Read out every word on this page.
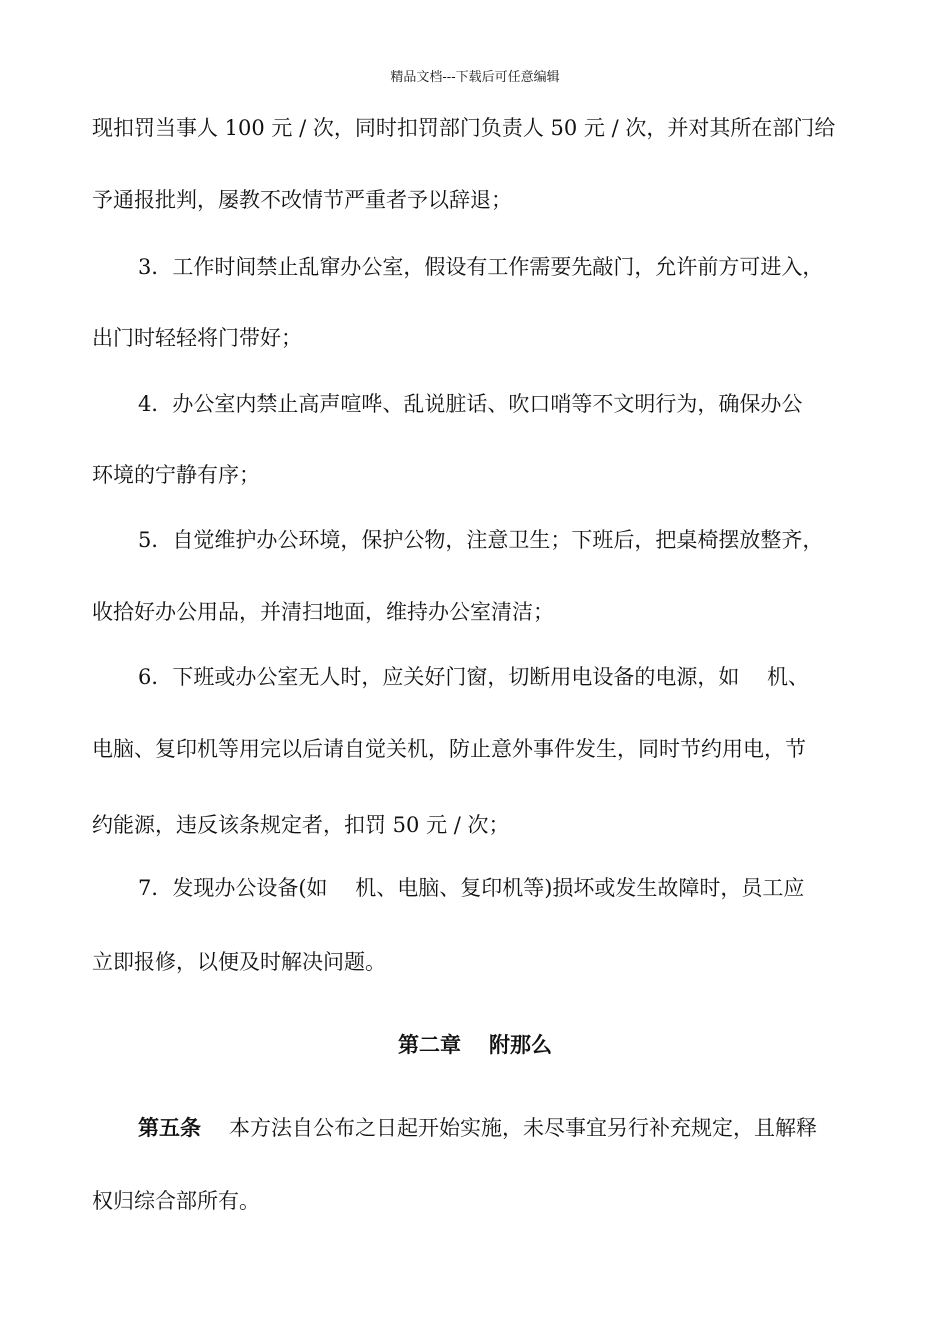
精品文档---下载后可任意编辑
现扣罚当事人 100 元 / 次，同时扣罚部门负责人 50 元 / 次，并对其所在部门给
予通报批判，屡教不改情节严重者予以辞退；
3．工作时间禁止乱窜办公室，假设有工作需要先敲门，允许前方可进入，
出门时轻轻将门带好；
4．办公室内禁止高声喧哗、乱说脏话、吹口哨等不文明行为，确保办公
环境的宁静有序；
5．自觉维护办公环境，保护公物，注意卫生；下班后，把桌椅摆放整齐，
收拾好办公用品，并清扫地面，维持办公室清洁；
6．下班或办公室无人时，应关好门窗，切断用电设备的电源，如　 机、
电脑、复印机等用完以后请自觉关机，防止意外事件发生，同时节约用电，节
约能源，违反该条规定者，扣罚 50 元 / 次；
7．发现办公设备(如　 机、电脑、复印机等)损坏或发生故障时，员工应
立即报修，以便及时解决问题。
第二章 附那么
第五条 本方法自公布之日起开始实施，未尽事宜另行补充规定，且解释
权归综合部所有。
